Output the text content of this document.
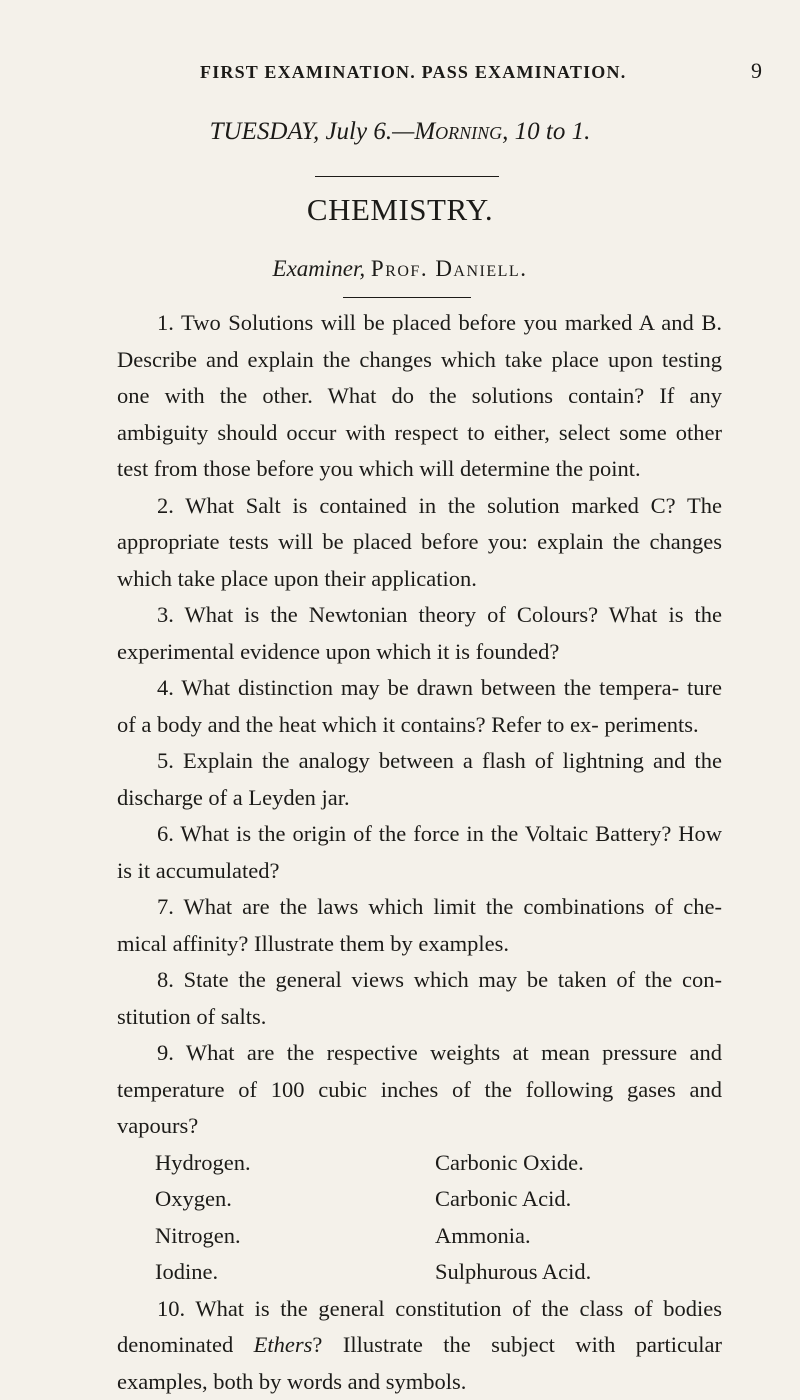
FIRST EXAMINATION. PASS EXAMINATION.	9
TUESDAY, July 6.—Morning, 10 to 1.
CHEMISTRY.
Examiner, Prof. Daniell.

1. Two Solutions will be placed before you marked A and B. Describe and explain the changes which take place upon testing one with the other. What do the solutions contain? If any ambiguity should occur with respect to either, select some other test from those before you which will determine the point.

2. What Salt is contained in the solution marked C? The appropriate tests will be placed before you: explain the changes which take place upon their application.

3. What is the Newtonian theory of Colours? What is the experimental evidence upon which it is founded?

4. What distinction may be drawn between the tempera- ture of a body and the heat which it contains? Refer to ex- periments.

5. Explain the analogy between a flash of lightning and the discharge of a Leyden jar.

6. What is the origin of the force in the Voltaic Battery? How is it accumulated?

7. What are the laws which limit the combinations of che- mical affinity? Illustrate them by examples.

8. State the general views which may be taken of the con- stitution of salts.

9. What are the respective weights at mean pressure and temperature of 100 cubic inches of the following gases and vapours?

Hydrogen.	Carbonic Oxide.
Oxygen.	Carbonic Acid.
Nitrogen.	Ammonia.
Iodine.	Sulphurous Acid.

10. What is the general constitution of the class of bodies denominated Ethers? Illustrate the subject with particular examples, both by words and symbols.
